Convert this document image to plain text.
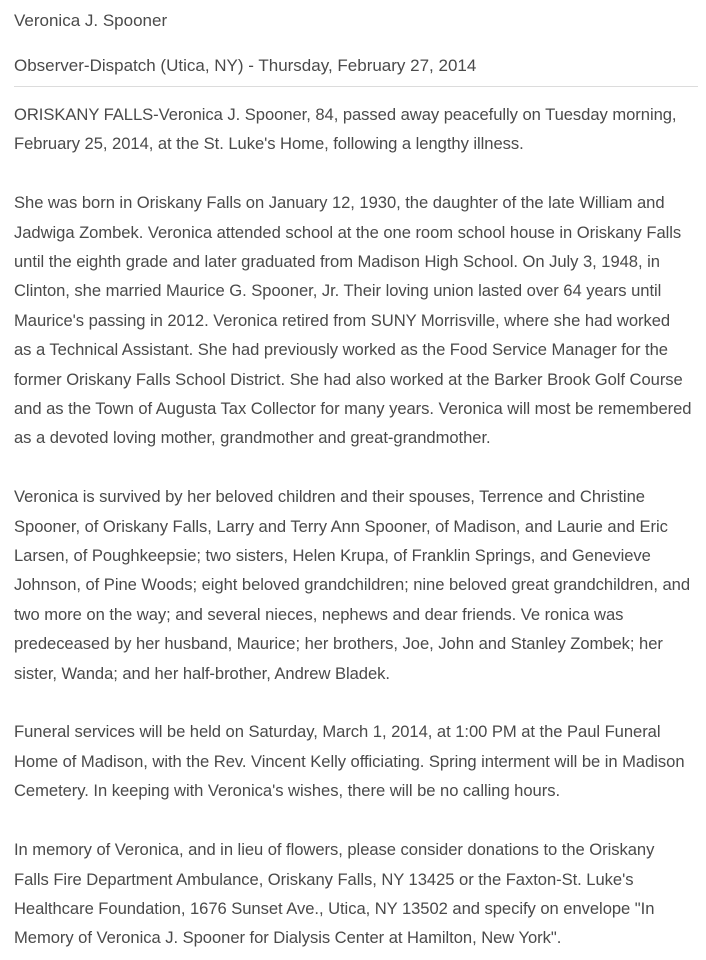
Veronica J. Spooner
Observer-Dispatch (Utica, NY) - Thursday, February 27, 2014

ORISKANY FALLS-Veronica J. Spooner, 84, passed away peacefully on Tuesday morning, February 25, 2014, at the St. Luke's Home, following a lengthy illness.

She was born in Oriskany Falls on January 12, 1930, the daughter of the late William and Jadwiga Zombek. Veronica attended school at the one room school house in Oriskany Falls until the eighth grade and later graduated from Madison High School. On July 3, 1948, in Clinton, she married Maurice G. Spooner, Jr. Their loving union lasted over 64 years until Maurice's passing in 2012. Veronica retired from SUNY Morrisville, where she had worked as a Technical Assistant. She had previously worked as the Food Service Manager for the former Oriskany Falls School District. She had also worked at the Barker Brook Golf Course and as the Town of Augusta Tax Collector for many years. Veronica will most be remembered as a devoted loving mother, grandmother and great-grandmother.

Veronica is survived by her beloved children and their spouses, Terrence and Christine Spooner, of Oriskany Falls, Larry and Terry Ann Spooner, of Madison, and Laurie and Eric Larsen, of Poughkeepsie; two sisters, Helen Krupa, of Franklin Springs, and Genevieve Johnson, of Pine Woods; eight beloved grandchildren; nine beloved great grandchildren, and two more on the way; and several nieces, nephews and dear friends. Ve ronica was predeceased by her husband, Maurice; her brothers, Joe, John and Stanley Zombek; her sister, Wanda; and her half-brother, Andrew Bladek.

Funeral services will be held on Saturday, March 1, 2014, at 1:00 PM at the Paul Funeral Home of Madison, with the Rev. Vincent Kelly officiating. Spring interment will be in Madison Cemetery. In keeping with Veronica's wishes, there will be no calling hours.

In memory of Veronica, and in lieu of flowers, please consider donations to the Oriskany Falls Fire Department Ambulance, Oriskany Falls, NY 13425 or the Faxton-St. Luke's Healthcare Foundation, 1676 Sunset Ave., Utica, NY 13502 and specify on envelope "In Memory of Veronica J. Spooner for Dialysis Center at Hamilton, New York".
